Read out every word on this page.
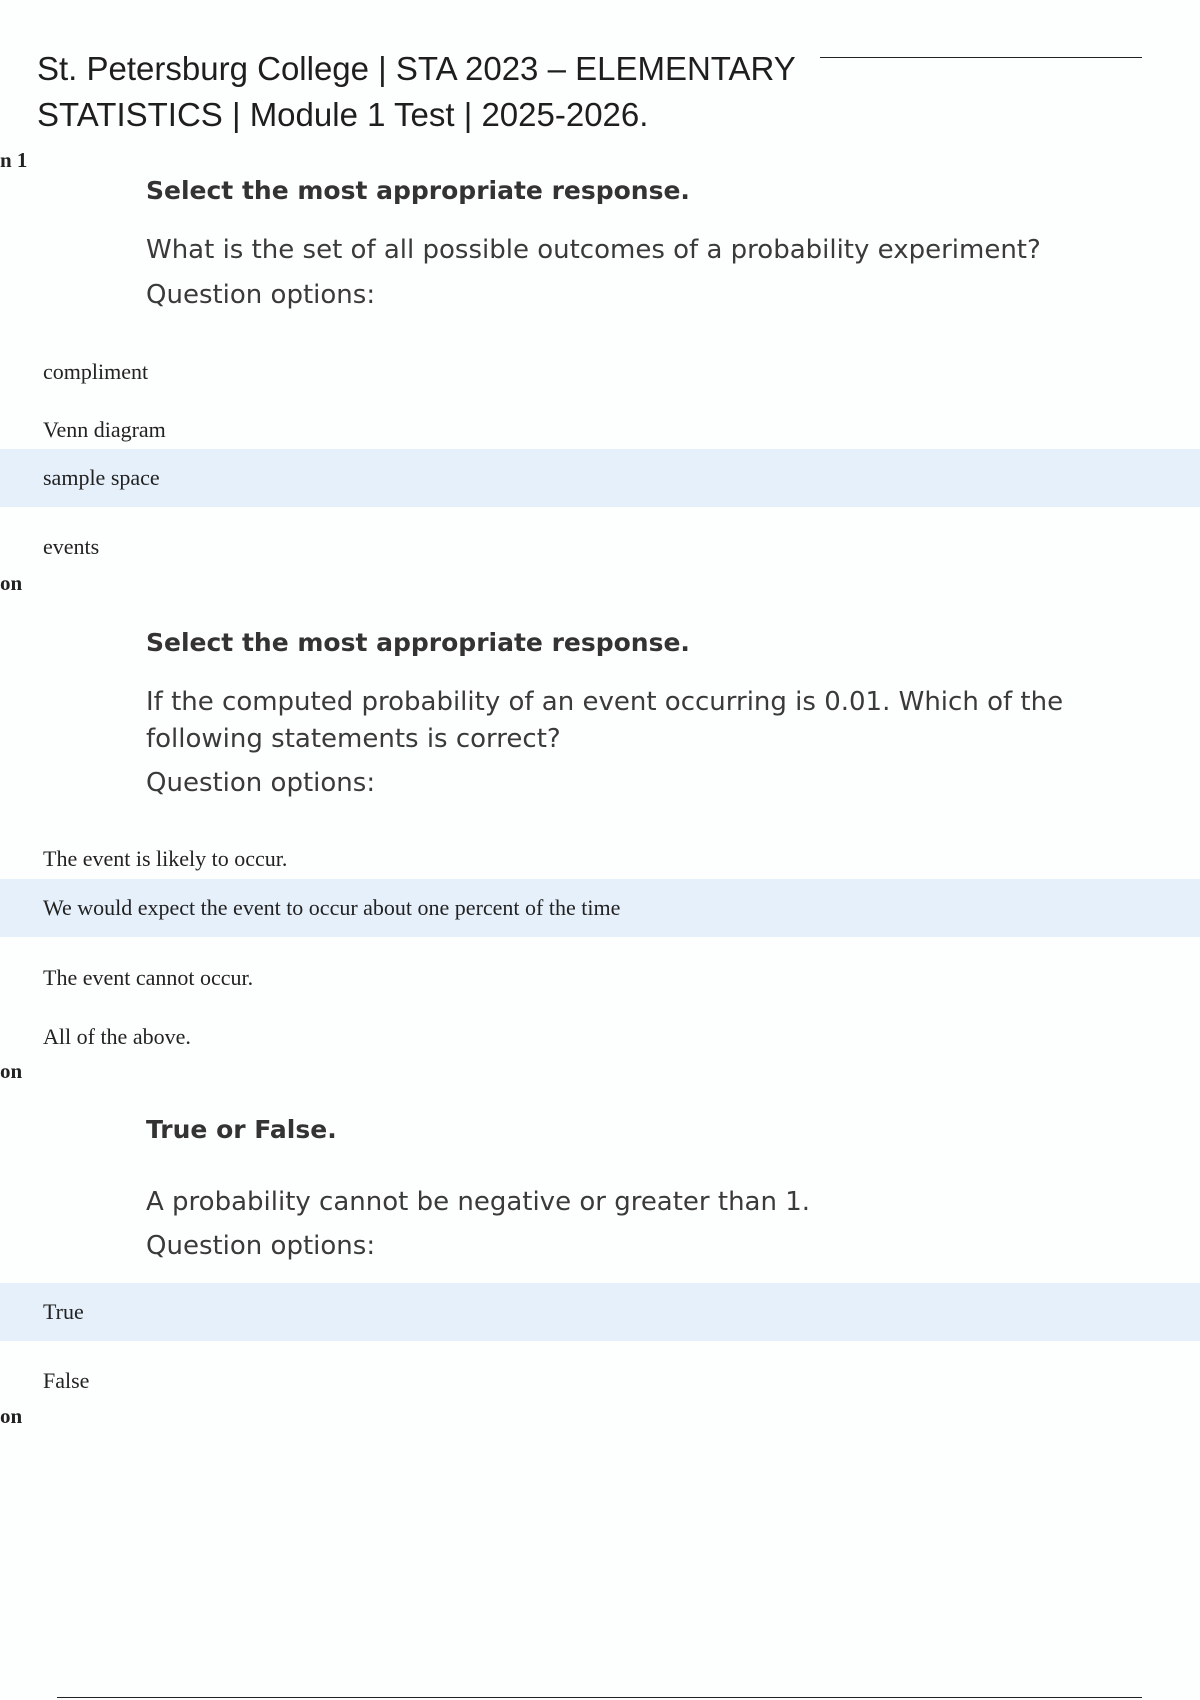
St. Petersburg College | STA 2023 – ELEMENTARY
STATISTICS | Module 1 Test | 2025-2026.
n 1

Select the most appropriate response.

What is the set of all possible outcomes of a probability experiment?

Question options:

compliment
Venn diagram
sample space
events
on

Select the most appropriate response.

If the computed probability of an event occurring is 0.01. Which of the following statements is correct?

Question options:

The event is likely to occur.
We would expect the event to occur about one percent of the time
The event cannot occur.
All of the above.
on

True or False.

A probability cannot be negative or greater than 1.

Question options:

True
False
on
